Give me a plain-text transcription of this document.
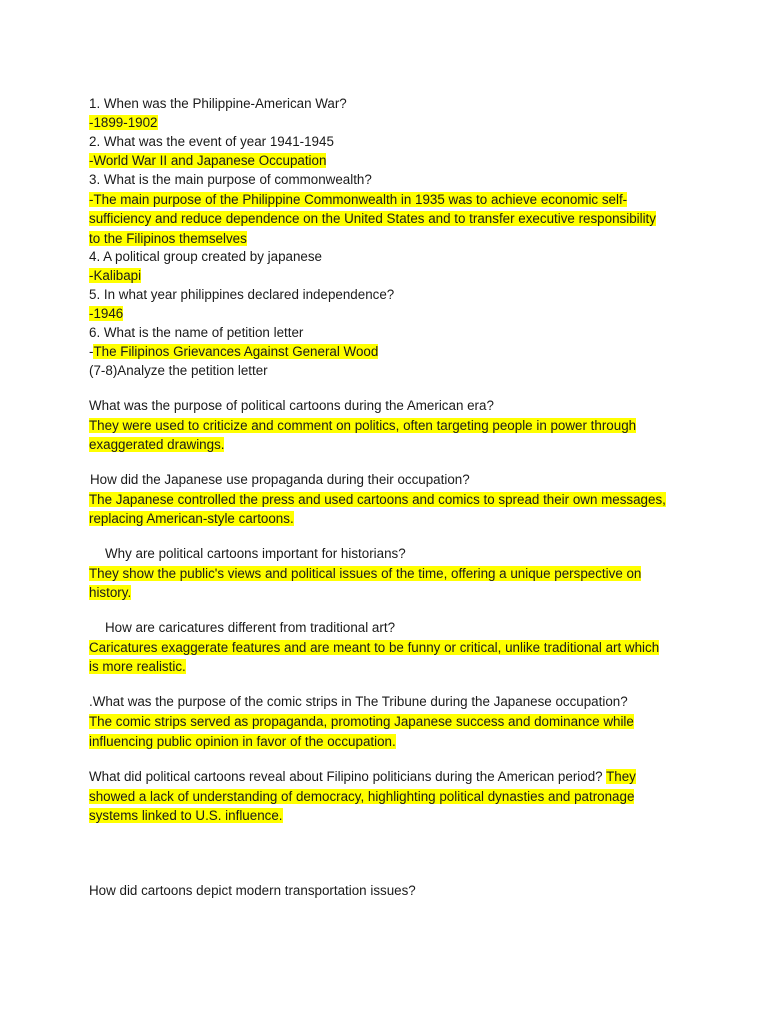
1. When was the Philippine-American War?
-1899-1902
2. What was the event of year 1941-1945
-World War II and Japanese Occupation
3. What is the main purpose of commonwealth?
-The main purpose of the Philippine Commonwealth in 1935 was to achieve economic self-sufficiency and reduce dependence on the United States and to transfer executive responsibility to the Filipinos themselves
4. A political group created by japanese
-Kalibapi
5. In what year philippines declared independence?
-1946
6. What is the name of petition letter
-The Filipinos Grievances Against General Wood
(7-8)Analyze the petition letter
What was the purpose of political cartoons during the American era?
They were used to criticize and comment on politics, often targeting people in power through exaggerated drawings.
How did the Japanese use propaganda during their occupation?
The Japanese controlled the press and used cartoons and comics to spread their own messages, replacing American-style cartoons.
Why are political cartoons important for historians?
They show the public's views and political issues of the time, offering a unique perspective on history.
How are caricatures different from traditional art?
Caricatures exaggerate features and are meant to be funny or critical, unlike traditional art which is more realistic.
.What was the purpose of the comic strips in The Tribune during the Japanese occupation?
The comic strips served as propaganda, promoting Japanese success and dominance while influencing public opinion in favor of the occupation.
What did political cartoons reveal about Filipino politicians during the American period? They showed a lack of understanding of democracy, highlighting political dynasties and patronage systems linked to U.S. influence.
How did cartoons depict modern transportation issues?
